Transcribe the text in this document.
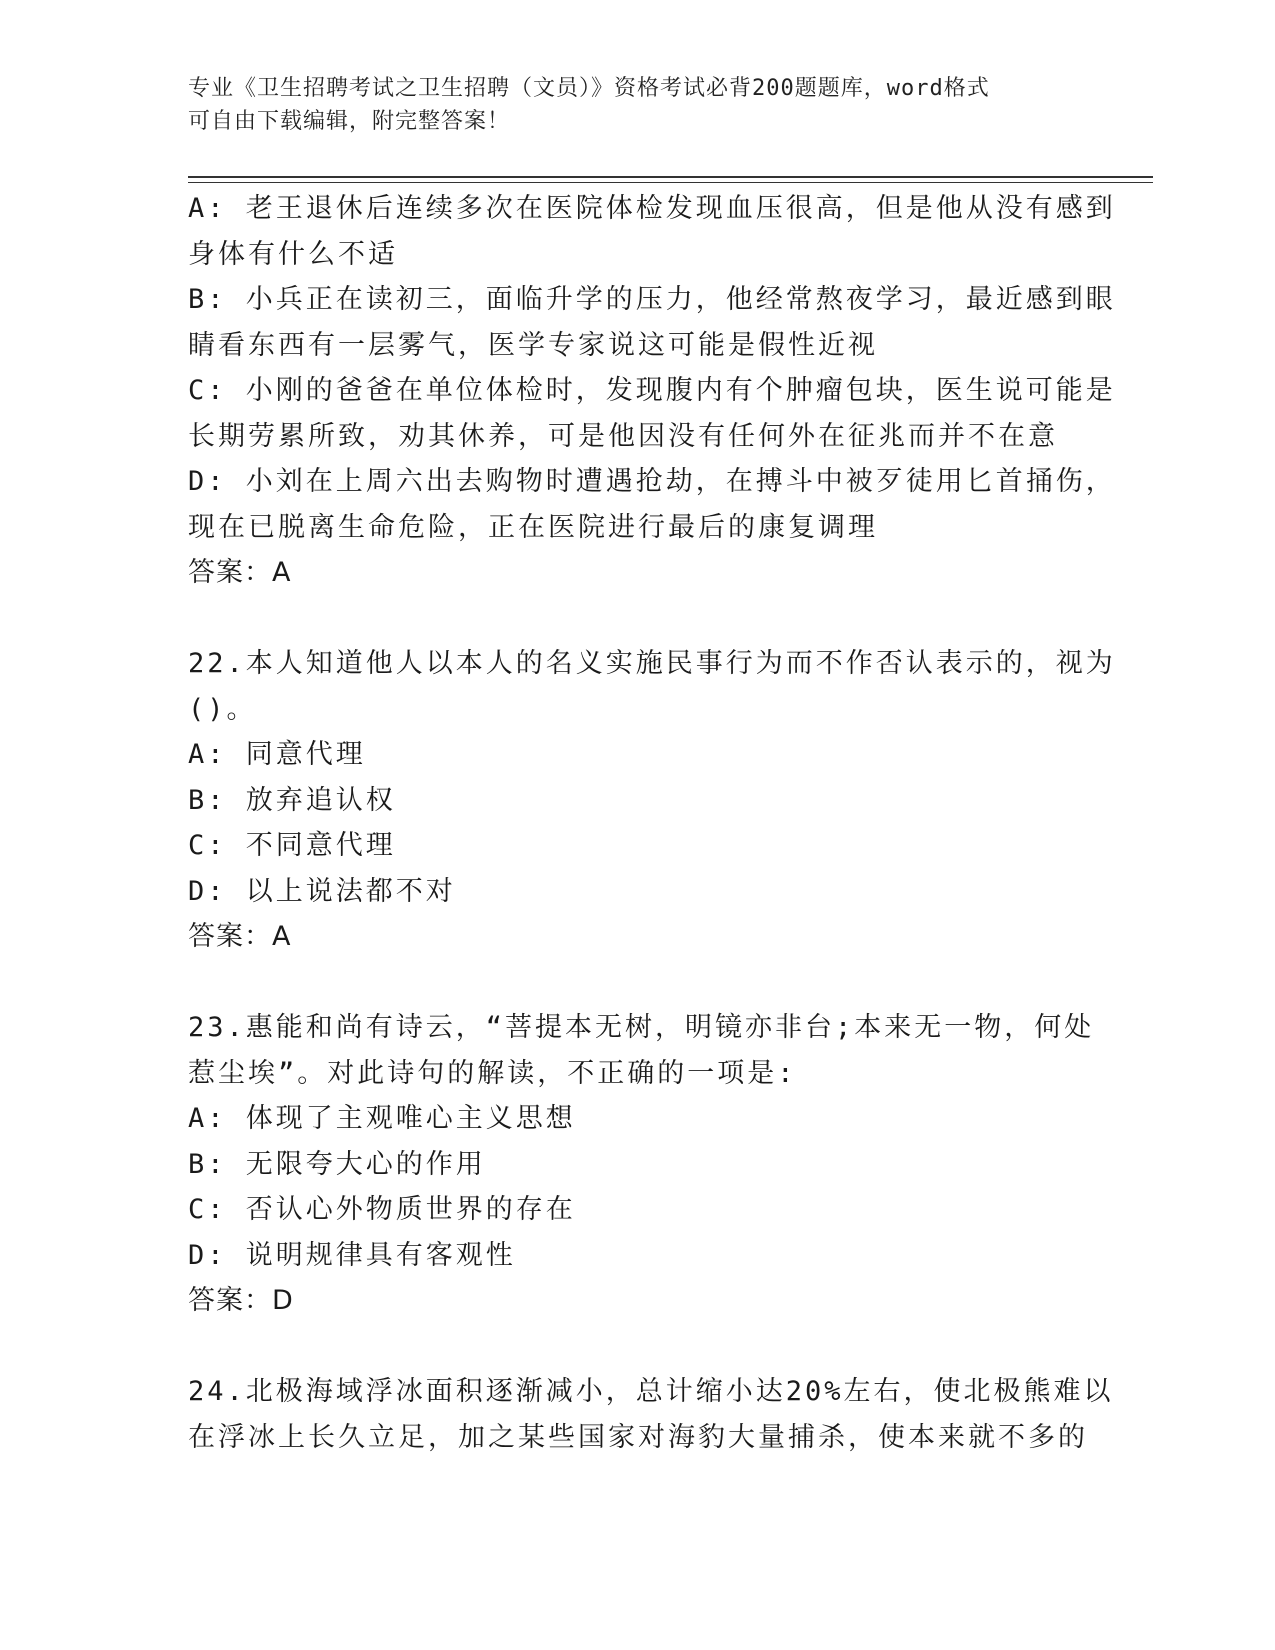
专业《卫生招聘考试之卫生招聘（文员）》资格考试必背200题题库，word格式
可自由下载编辑，附完整答案！
A: 老王退休后连续多次在医院体检发现血压很高，但是他从没有感到
身体有什么不适
B: 小兵正在读初三，面临升学的压力，他经常熬夜学习，最近感到眼
睛看东西有一层雾气，医学专家说这可能是假性近视
C: 小刚的爸爸在单位体检时，发现腹内有个肿瘤包块，医生说可能是
长期劳累所致，劝其休养，可是他因没有任何外在征兆而并不在意
D: 小刘在上周六出去购物时遭遇抢劫，在搏斗中被歹徒用匕首捅伤，
现在已脱离生命危险，正在医院进行最后的康复调理
答案：A
22.本人知道他人以本人的名义实施民事行为而不作否认表示的，视为
()。
A: 同意代理
B: 放弃追认权
C: 不同意代理
D: 以上说法都不对
答案：A
23.惠能和尚有诗云，“菩提本无树，明镜亦非台;本来无一物，何处
惹尘埃”。对此诗句的解读，不正确的一项是:
A: 体现了主观唯心主义思想
B: 无限夸大心的作用
C: 否认心外物质世界的存在
D: 说明规律具有客观性
答案：D
24.北极海域浮冰面积逐渐减小，总计缩小达20%左右，使北极熊难以
在浮冰上长久立足，加之某些国家对海豹大量捕杀，使本来就不多的
